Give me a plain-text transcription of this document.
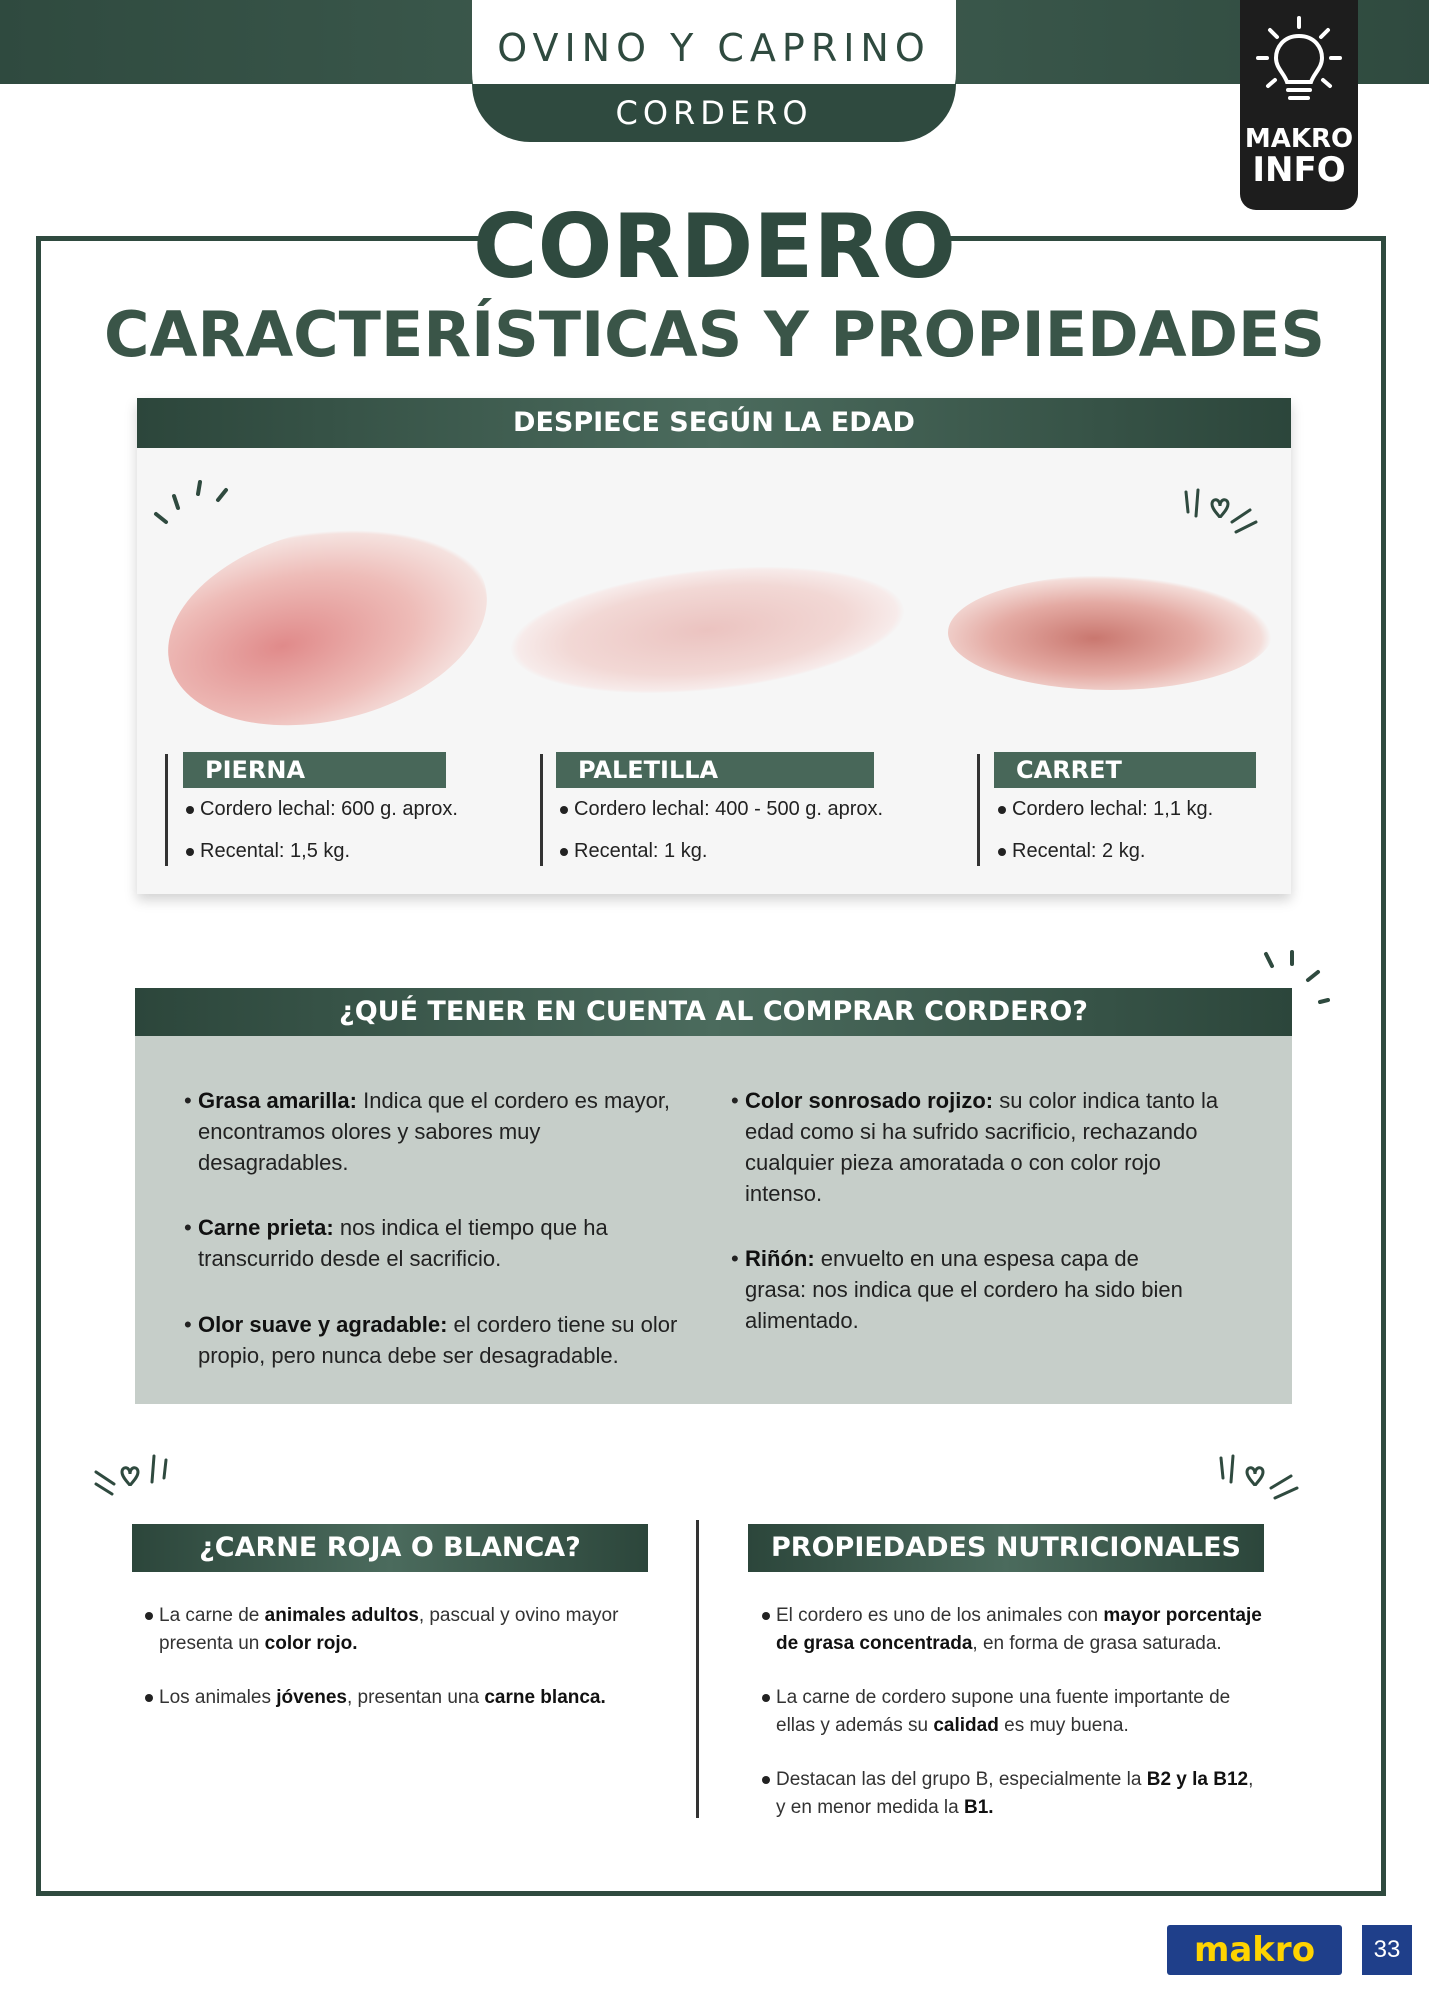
OVINO Y CAPRINO
CORDERO
MAKRO
INFO
CORDERO
CARACTERÍSTICAS Y PROPIEDADES
DESPIECE SEGÚN LA EDAD
PIERNA
Cordero lechal: 600 g. aprox.
Recental: 1,5 kg.
PALETILLA
Cordero lechal: 400 - 500 g. aprox.
Recental: 1 kg.
CARRET
Cordero lechal: 1,1 kg.
Recental: 2 kg.
¿QUÉ TENER EN CUENTA AL COMPRAR CORDERO?
• Grasa amarilla: Indica que el cordero es mayor, encontramos olores y sabores muy desagradables.
• Carne prieta: nos indica el tiempo que ha transcurrido desde el sacrificio.
• Olor suave y agradable: el cordero tiene su olor propio, pero nunca debe ser desagradable.
• Color sonrosado rojizo: su color indica tanto la edad como si ha sufrido sacrificio, rechazando cualquier pieza amoratada o con color rojo intenso.
• Riñón: envuelto en una espesa capa de grasa: nos indica que el cordero ha sido bien alimentado.
¿CARNE ROJA O BLANCA?
La carne de animales adultos, pascual y ovino mayor presenta un color rojo.
Los animales jóvenes, presentan una carne blanca.
PROPIEDADES NUTRICIONALES
El cordero es uno de los animales con mayor porcentaje de grasa concentrada, en forma de grasa saturada.
La carne de cordero supone una fuente importante de ellas y además su calidad es muy buena.
Destacan las del grupo B, especialmente la B2 y la B12, y en menor medida la B1.
makro	33
